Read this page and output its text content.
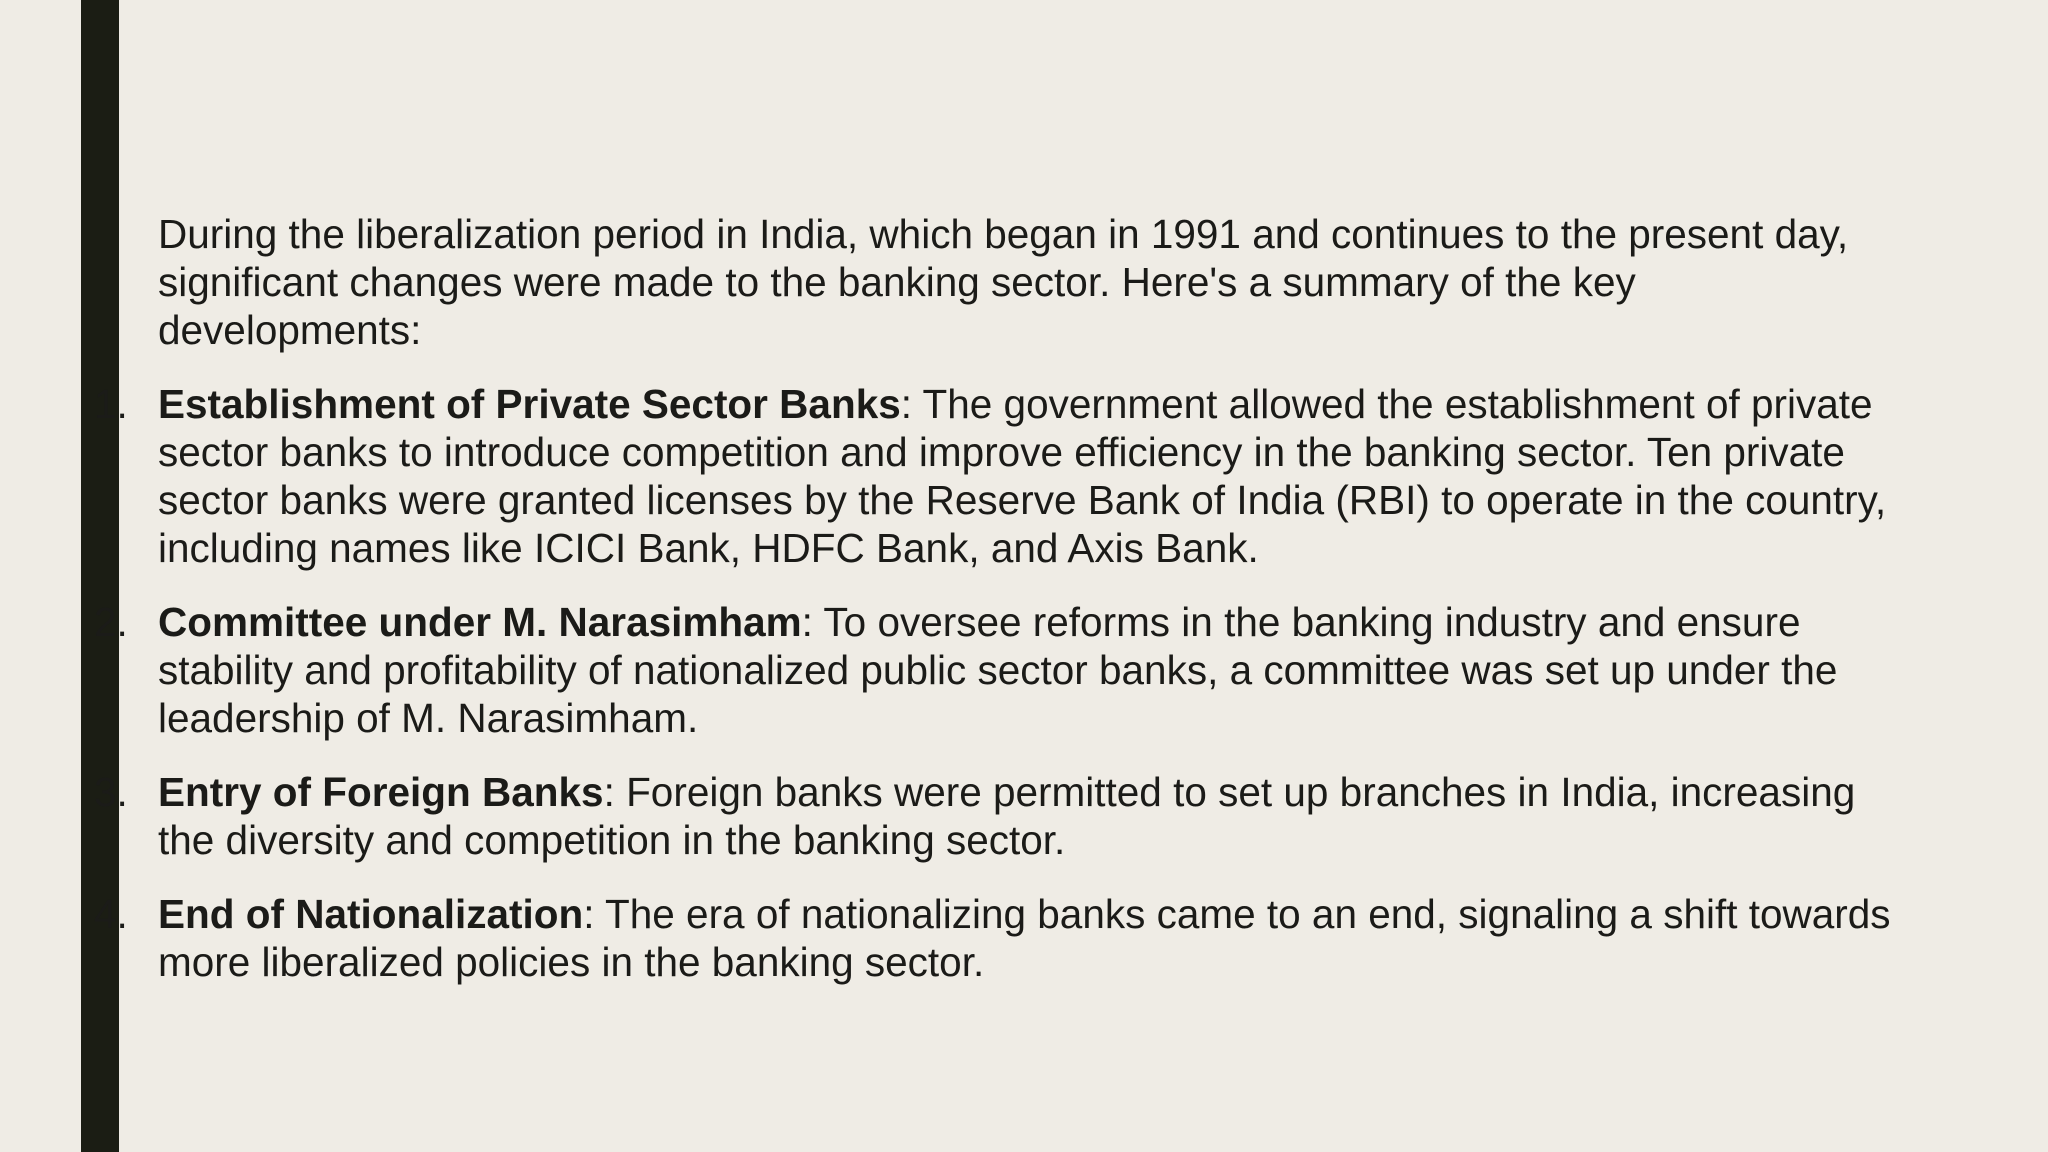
During the liberalization period in India, which began in 1991 and continues to the present day, significant changes were made to the banking sector. Here's a summary of the key developments:

1. Establishment of Private Sector Banks: The government allowed the establishment of private sector banks to introduce competition and improve efficiency in the banking sector. Ten private sector banks were granted licenses by the Reserve Bank of India (RBI) to operate in the country, including names like ICICI Bank, HDFC Bank, and Axis Bank.

2. Committee under M. Narasimham: To oversee reforms in the banking industry and ensure stability and profitability of nationalized public sector banks, a committee was set up under the leadership of M. Narasimham.

3. Entry of Foreign Banks: Foreign banks were permitted to set up branches in India, increasing the diversity and competition in the banking sector.

4. End of Nationalization: The era of nationalizing banks came to an end, signaling a shift towards more liberalized policies in the banking sector.
